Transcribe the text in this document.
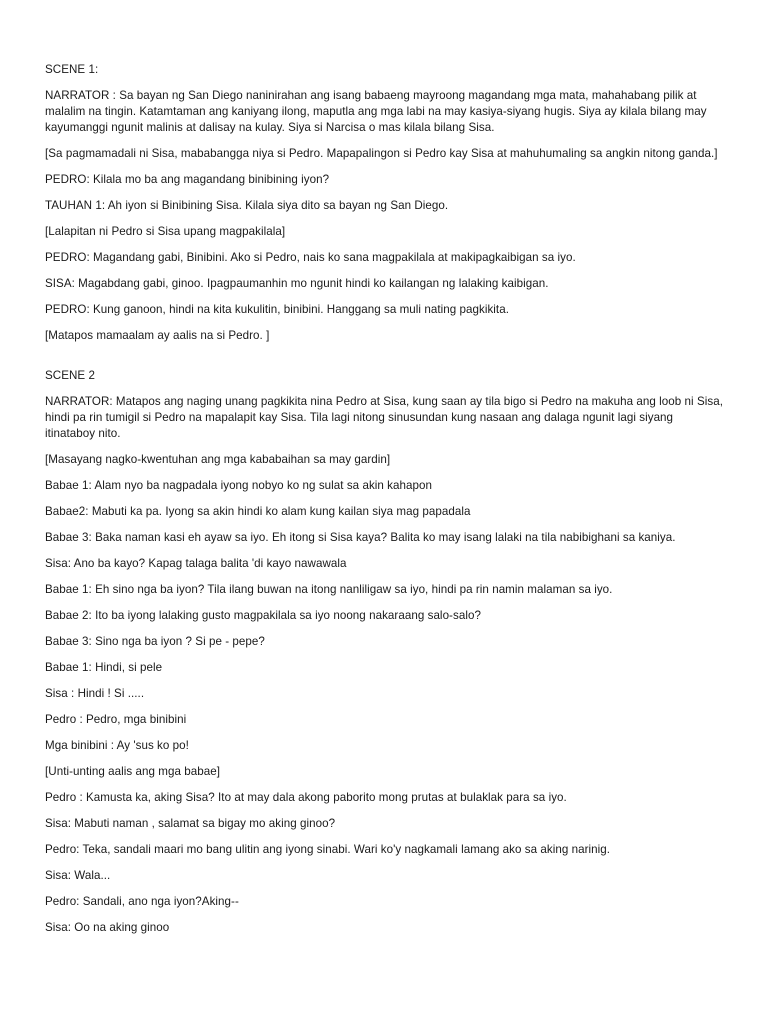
SCENE 1:

NARRATOR : Sa bayan ng San Diego naninirahan ang isang babaeng mayroong magandang mga mata, mahahabang pilik at malalim na tingin. Katamtaman ang kaniyang ilong, maputla ang mga labi na may kasiya-siyang hugis. Siya ay kilala bilang may kayumanggi ngunit malinis at dalisay na kulay. Siya si Narcisa o mas kilala bilang Sisa.

[Sa pagmamadali ni Sisa, mababangga niya si Pedro. Mapapalingon si Pedro kay Sisa at mahuhumaling sa angkin nitong ganda.]

PEDRO: Kilala mo ba ang magandang binibining iyon?

TAUHAN 1: Ah iyon si Binibining Sisa. Kilala siya dito sa bayan ng San Diego.

[Lalapitan ni Pedro si Sisa upang magpakilala]

PEDRO: Magandang gabi, Binibini. Ako si Pedro, nais ko sana magpakilala at makipagkaibigan sa iyo.

SISA: Magabdang gabi, ginoo. Ipagpaumanhin mo ngunit hindi ko kailangan ng lalaking kaibigan.

PEDRO: Kung ganoon, hindi na kita kukulitin, binibini. Hanggang sa muli nating pagkikita.

[Matapos mamaalam ay aalis na si Pedro. ]

SCENE 2

NARRATOR: Matapos ang naging unang pagkikita nina Pedro at Sisa, kung saan ay tila bigo si Pedro na makuha ang loob ni Sisa, hindi pa rin tumigil si Pedro na mapalapit kay Sisa. Tila lagi nitong sinusundan kung nasaan ang dalaga ngunit lagi siyang itinataboy nito.

[Masayang nagko-kwentuhan ang mga kababaihan sa may gardin]

Babae 1: Alam nyo ba nagpadala iyong nobyo ko ng sulat sa akin kahapon

Babae2: Mabuti ka pa. Iyong sa akin hindi ko alam kung kailan siya mag papadala

Babae 3: Baka naman kasi eh ayaw sa iyo. Eh itong si Sisa kaya? Balita ko may isang lalaki na tila nabibighani sa kaniya.

Sisa: Ano ba kayo? Kapag talaga balita 'di kayo nawawala

Babae 1: Eh sino nga ba iyon? Tila ilang buwan na itong nanliligaw sa iyo, hindi pa rin namin malaman sa iyo.

Babae 2: Ito ba iyong lalaking gusto magpakilala sa iyo noong nakaraang salo-salo?

Babae 3: Sino nga ba iyon ? Si pe - pepe?

Babae 1: Hindi, si pele

Sisa : Hindi ! Si .....

Pedro : Pedro, mga binibini

Mga binibini : Ay 'sus ko po!

[Unti-unting aalis ang mga babae]

Pedro : Kamusta ka, aking Sisa? Ito at may dala akong paborito mong prutas at bulaklak para sa iyo.

Sisa: Mabuti naman , salamat sa bigay mo aking ginoo?

Pedro: Teka, sandali maari mo bang ulitin ang iyong sinabi. Wari ko'y nagkamali lamang ako sa aking narinig.

Sisa: Wala...

Pedro: Sandali, ano nga iyon?Aking--

Sisa: Oo na aking ginoo
